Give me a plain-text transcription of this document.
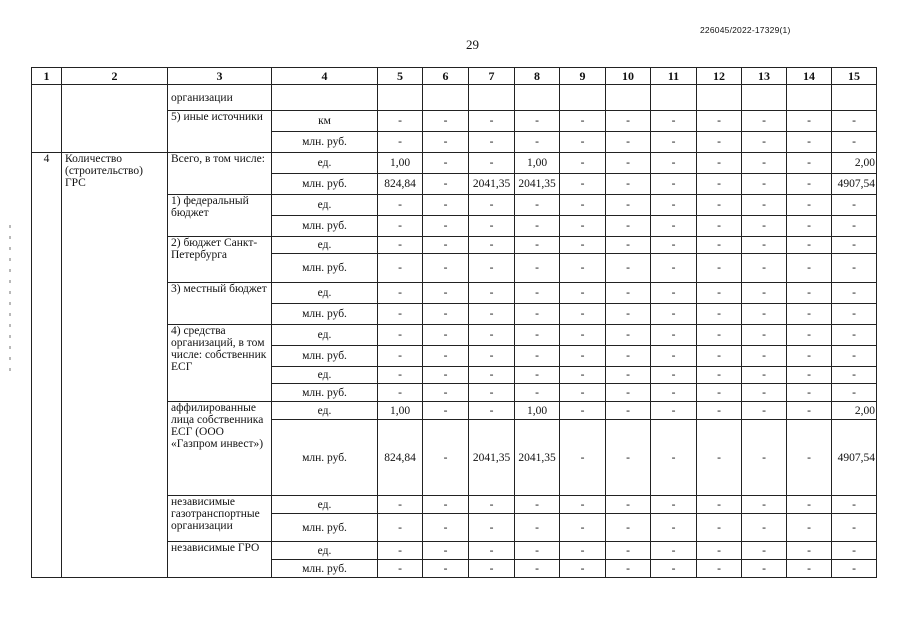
226045/2022-17329(1)
29
1	2	3	4	5	6	7	8	9	10	11	12	13	14	15
		организации												
		5) иные источники	км	-	-	-	-	-	-	-	-	-	-	-
			млн. руб.	-	-	-	-	-	-	-	-	-	-	-
4	Количество (строительство) ГРС	Всего, в том числе:	ед.	1,00	-	-	1,00	-	-	-	-	-	-	2,00
			млн. руб.	824,84	-	2041,35	2041,35	-	-	-	-	-	-	4907,54
		1) федеральный бюджет	ед.	-	-	-	-	-	-	-	-	-	-	-
			млн. руб.	-	-	-	-	-	-	-	-	-	-	-
		2) бюджет Санкт-Петербурга	ед.	-	-	-	-	-	-	-	-	-	-	-
			млн. руб.	-	-	-	-	-	-	-	-	-	-	-
		3) местный бюджет	ед.	-	-	-	-	-	-	-	-	-	-	-
			млн. руб.	-	-	-	-	-	-	-	-	-	-	-
		4) средства организаций, в том числе: собственник ЕСГ	ед.	-	-	-	-	-	-	-	-	-	-	-
			млн. руб.	-	-	-	-	-	-	-	-	-	-	-
			ед.	-	-	-	-	-	-	-	-	-	-	-
			млн. руб.	-	-	-	-	-	-	-	-	-	-	-
		аффилированные лица собственника ЕСГ (ООО «Газпром инвест»)	ед.	1,00	-	-	1,00	-	-	-	-	-	-	2,00
			млн. руб.	824,84	-	2041,35	2041,35	-	-	-	-	-	-	4907,54
		независимые газотранспортные организации	ед.	-	-	-	-	-	-	-	-	-	-	-
			млн. руб.	-	-	-	-	-	-	-	-	-	-	-
		независимые ГРО	ед.	-	-	-	-	-	-	-	-	-	-	-
			млн. руб.	-	-	-	-	-	-	-	-	-	-	-
